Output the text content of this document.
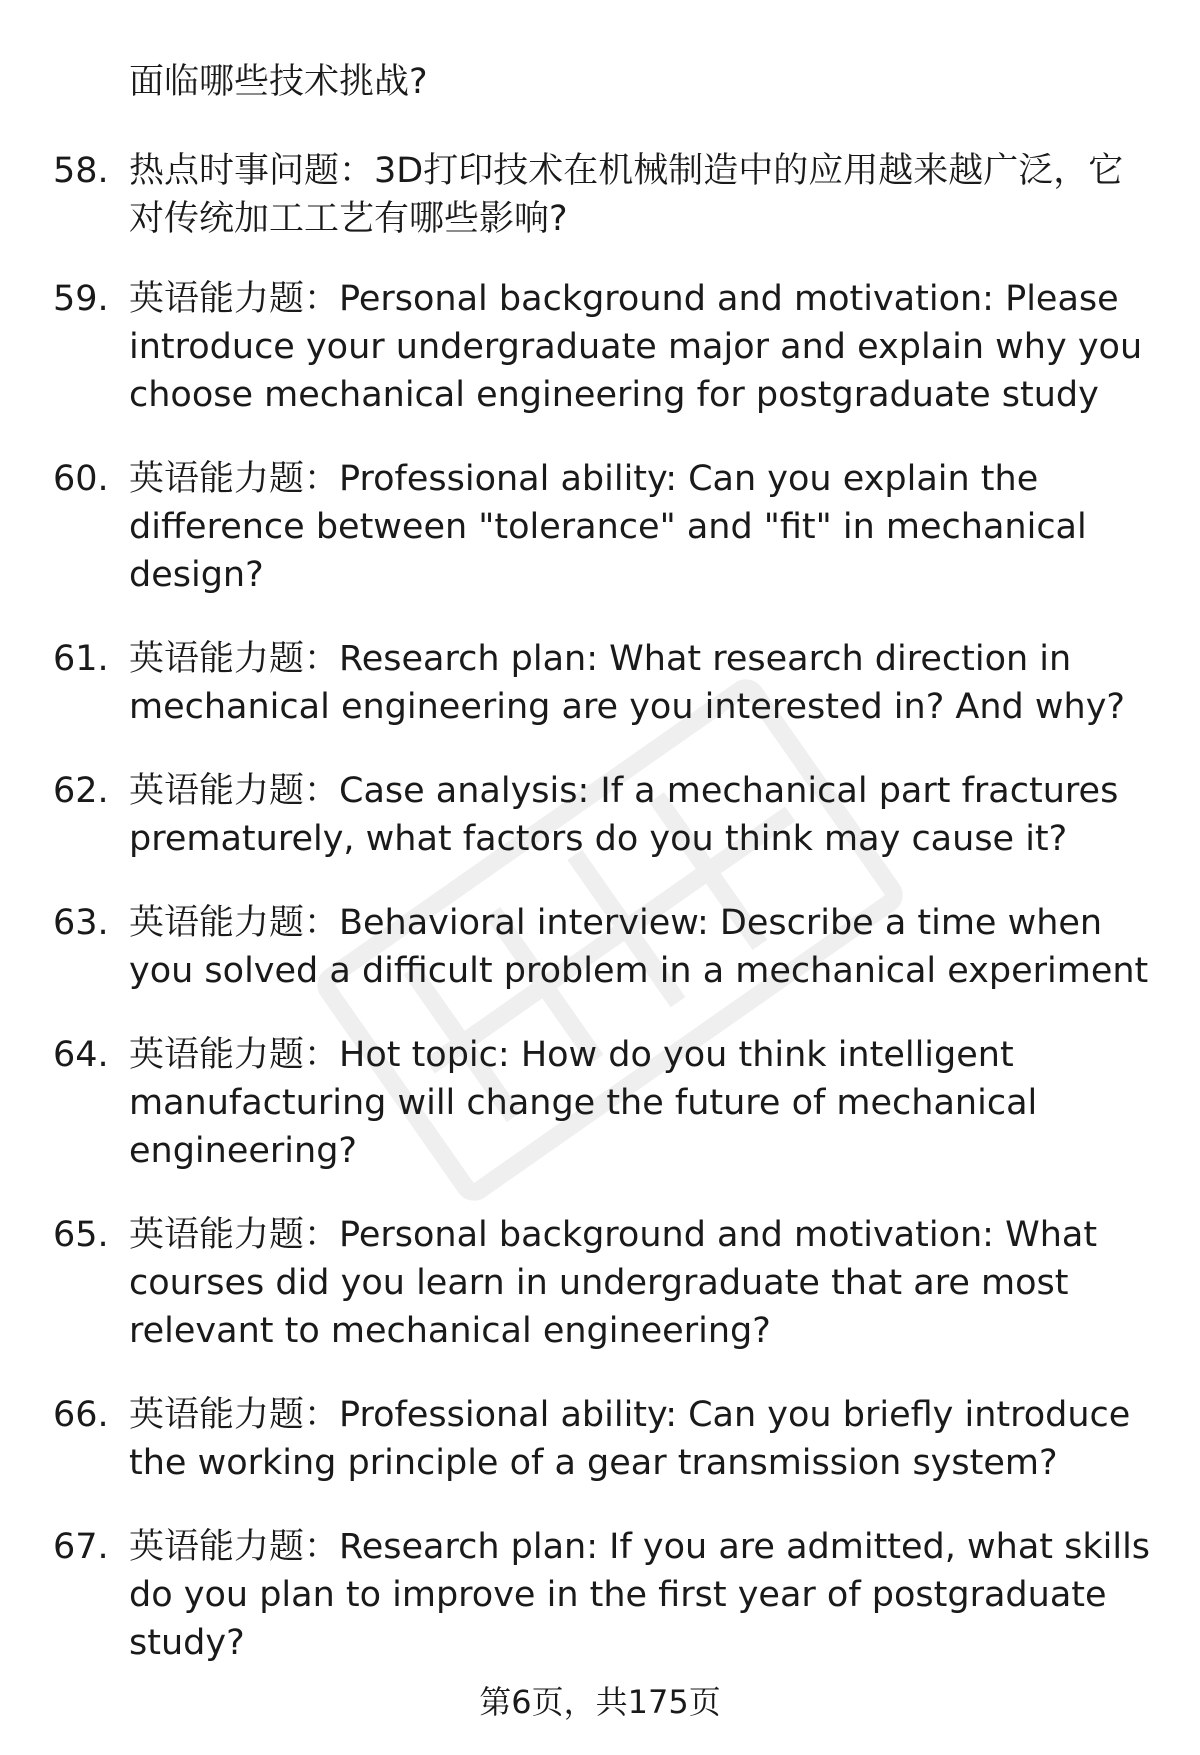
面临哪些技术挑战?
58. 热点时事问题：3D打印技术在机械制造中的应用越来越广泛，它
对传统加工工艺有哪些影响?
59. 英语能力题：Personal background and motivation: Please
introduce your undergraduate major and explain why you
choose mechanical engineering for postgraduate study
60. 英语能力题：Professional ability: Can you explain the
difference between "tolerance" and "fit" in mechanical
design?
61. 英语能力题：Research plan: What research direction in
mechanical engineering are you interested in? And why?
62. 英语能力题：Case analysis: If a mechanical part fractures
prematurely, what factors do you think may cause it?
63. 英语能力题：Behavioral interview: Describe a time when
you solved a difficult problem in a mechanical experiment
64. 英语能力题：Hot topic: How do you think intelligent
manufacturing will change the future of mechanical
engineering?
65. 英语能力题：Personal background and motivation: What
courses did you learn in undergraduate that are most
relevant to mechanical engineering?
66. 英语能力题：Professional ability: Can you briefly introduce
the working principle of a gear transmission system?
67. 英语能力题：Research plan: If you are admitted, what skills
do you plan to improve in the first year of postgraduate
study?
第6页，共175页
